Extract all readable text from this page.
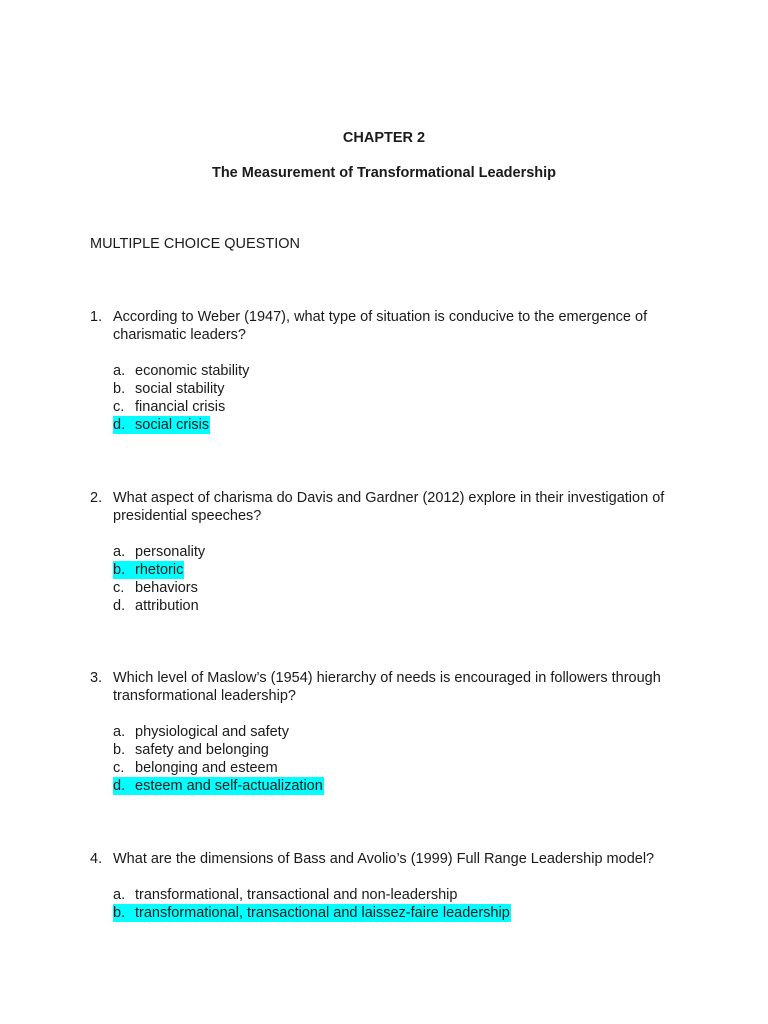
CHAPTER 2
The Measurement of Transformational Leadership
MULTIPLE CHOICE QUESTION
1. According to Weber (1947), what type of situation is conducive to the emergence of charismatic leaders?
a. economic stability
b. social stability
c. financial crisis
d. social crisis
2. What aspect of charisma do Davis and Gardner (2012) explore in their investigation of presidential speeches?
a. personality
b. rhetoric
c. behaviors
d. attribution
3. Which level of Maslow’s (1954) hierarchy of needs is encouraged in followers through transformational leadership?
a. physiological and safety
b. safety and belonging
c. belonging and esteem
d. esteem and self-actualization
4. What are the dimensions of Bass and Avolio’s (1999) Full Range Leadership model?
a. transformational, transactional and non-leadership
b. transformational, transactional and laissez-faire leadership
